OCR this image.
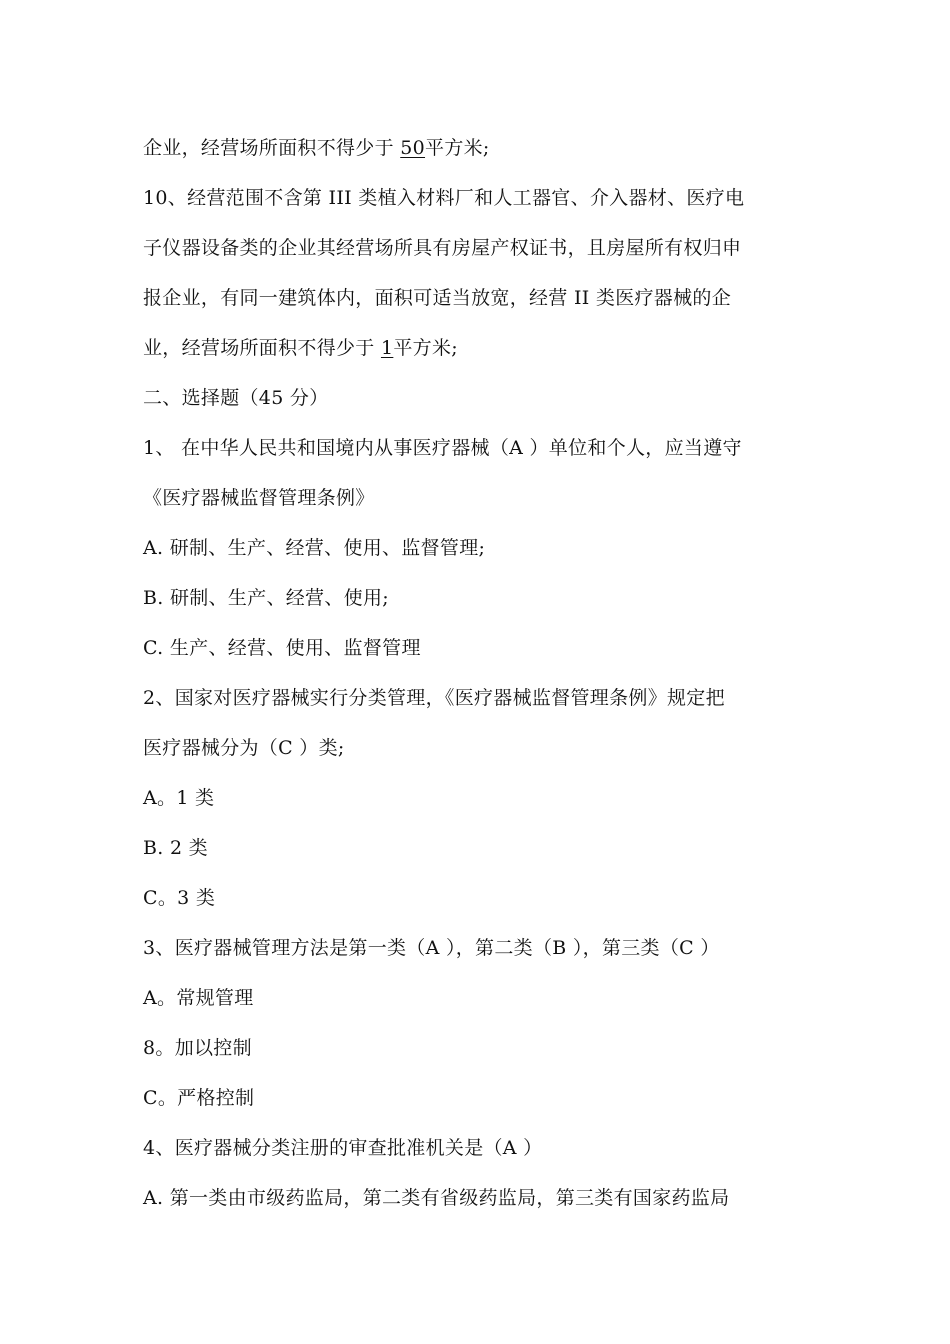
企业，经营场所面积不得少于 50平方米;
10、经营范围不含第 III 类植入材料厂和人工器官、介入器材、医疗电
子仪器设备类的企业其经营场所具有房屋产权证书，且房屋所有权归申
报企业，有同一建筑体内，面积可适当放宽，经营 II 类医疗器械的企
业，经营场所面积不得少于 1平方米;
二、选择题（45 分）
1、 在中华人民共和国境内从事医疗器械（A ）单位和个人，应当遵守
《医疗器械监督管理条例》
A. 研制、生产、经营、使用、监督管理;
B. 研制、生产、经营、使用;
C. 生产、经营、使用、监督管理
2、国家对医疗器械实行分类管理，《医疗器械监督管理条例》规定把
医疗器械分为（C ）类;
A。1 类
B. 2 类
C。3 类
3、医疗器械管理方法是第一类（A ），第二类（B ），第三类（C ）
A。常规管理
8。加以控制
C。严格控制
4、医疗器械分类注册的审查批准机关是（A ）
A. 第一类由市级药监局，第二类有省级药监局，第三类有国家药监局
